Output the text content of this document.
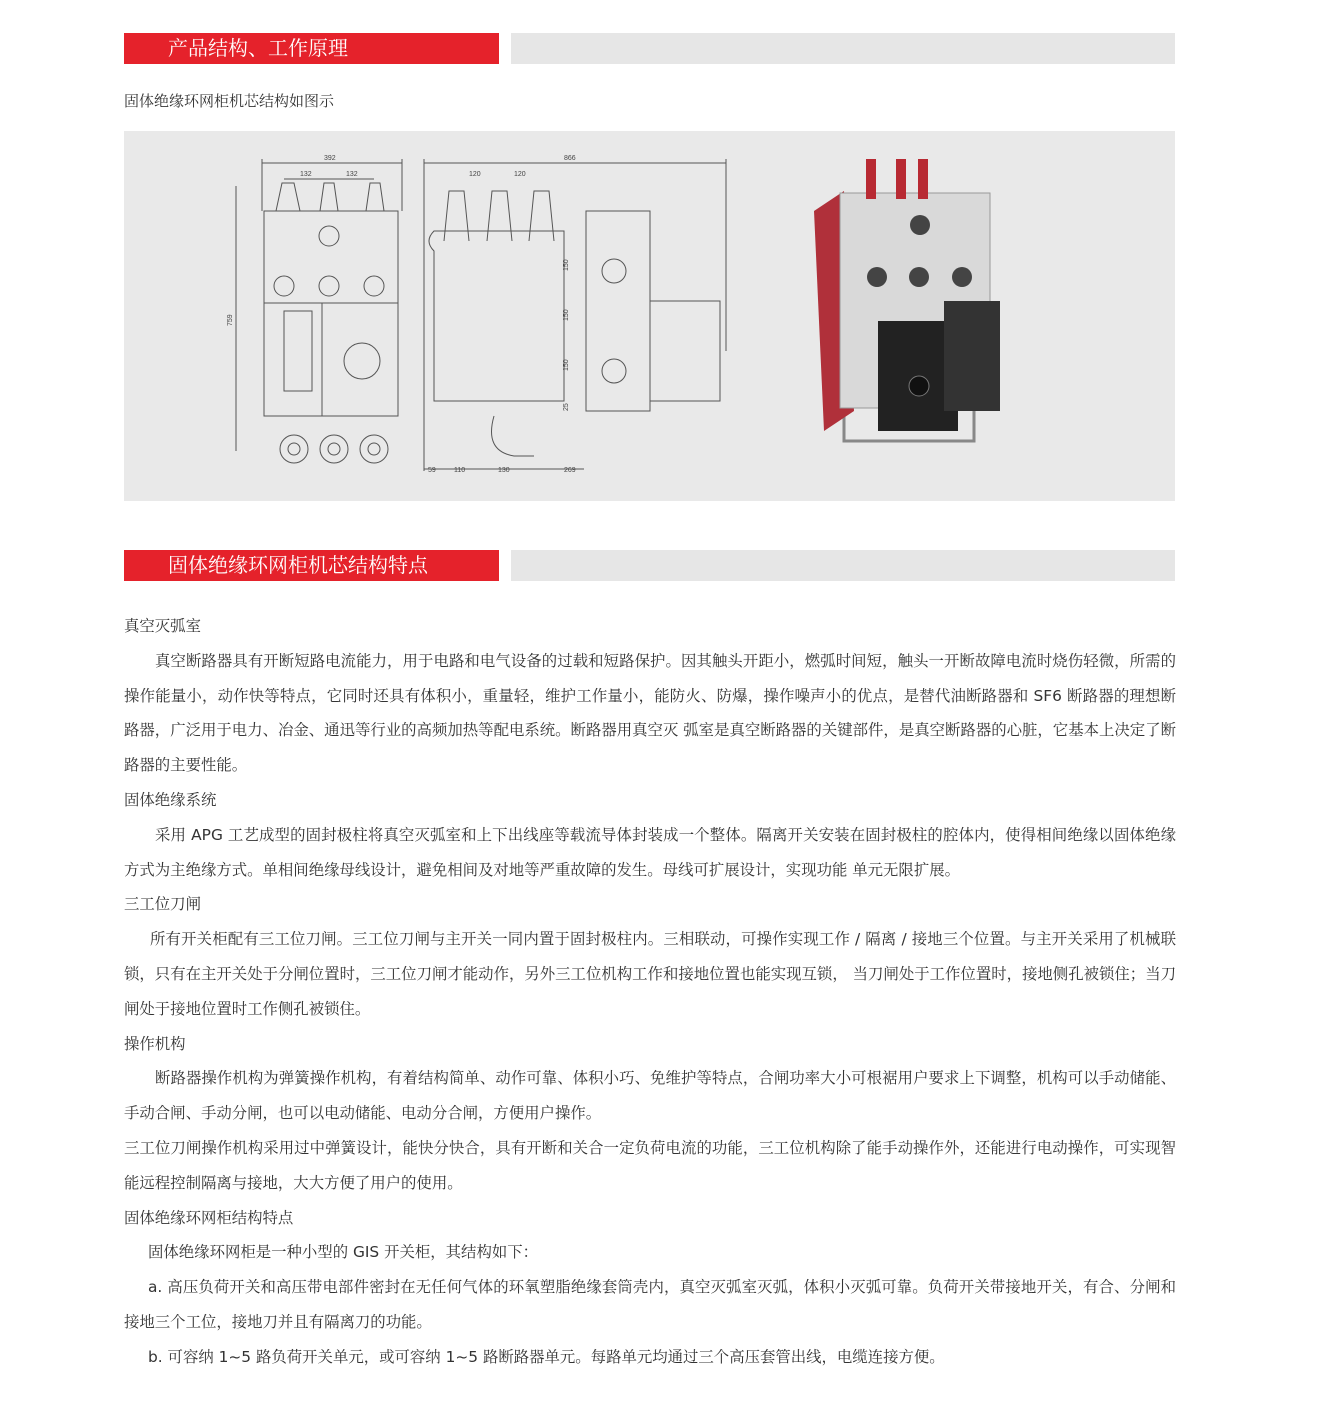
产品结构、工作原理
固体绝缘环网柜机芯结构如图示
392
132	132
759
866
120	120
150
150
150
25
59	110	130	269
固体绝缘环网柜机芯结构特点

真空灭弧室

真空断路器具有开断短路电流能力，用于电路和电气设备的过载和短路保护。因其触头开距小，燃弧时间短，触头一开断故障电流时烧伤轻微，所需的操作能量小，动作快等特点，它同时还具有体积小，重量轻，维护工作量小，能防火、防爆，操作噪声小的优点，是替代油断路器和 SF6 断路器的理想断路器，广泛用于电力、冶金、通迅等行业的高频加热等配电系统。断路器用真空灭 弧室是真空断路器的关键部件，是真空断路器的心脏，它基本上决定了断路器的主要性能。

固体绝缘系统

采用 APG 工艺成型的固封极柱将真空灭弧室和上下出线座等载流导体封装成一个整体。隔离开关安装在固封极柱的腔体内，使得相间绝缘以固体绝缘方式为主绝缘方式。单相间绝缘母线设计，避免相间及对地等严重故障的发生。母线可扩展设计，实现功能 单元无限扩展。

三工位刀闸

所有开关柜配有三工位刀闸。三工位刀闸与主开关一同内置于固封极柱内。三相联动，可操作实现工作 / 隔离 / 接地三个位置。与主开关采用了机械联锁，只有在主开关处于分闸位置时，三工位刀闸才能动作，另外三工位机构工作和接地位置也能实现互锁， 当刀闸处于工作位置时，接地侧孔被锁住；当刀闸处于接地位置时工作侧孔被锁住。

操作机构

断路器操作机构为弹簧操作机构，有着结构简单、动作可靠、体积小巧、免维护等特点，合闸功率大小可根裾用户要求上下调整，机构可以手动储能、手动合闸、手动分闸，也可以电动储能、电动分合闸，方便用户操作。

三工位刀闸操作机构采用过中弹簧设计，能快分快合，具有开断和关合一定负荷电流的功能，三工位机构除了能手动操作外，还能进行电动操作，可实现智能远程控制隔离与接地，大大方便了用户的使用。

固体绝缘环网柜结构特点

固体绝缘环网柜是一种小型的 GIS 开关柜，其结构如下：

a. 高压负荷开关和高压带电部件密封在无任何气体的环氧塑脂绝缘套筒壳内，真空灭弧室灭弧，体积小灭弧可靠。负荷开关带接地开关，有合、分闸和接地三个工位，接地刀并且有隔离刀的功能。

b. 可容纳 1~5 路负荷开关单元，或可容纳 1~5 路断路器单元。每路单元均通过三个高压套管出线，电缆连接方便。
